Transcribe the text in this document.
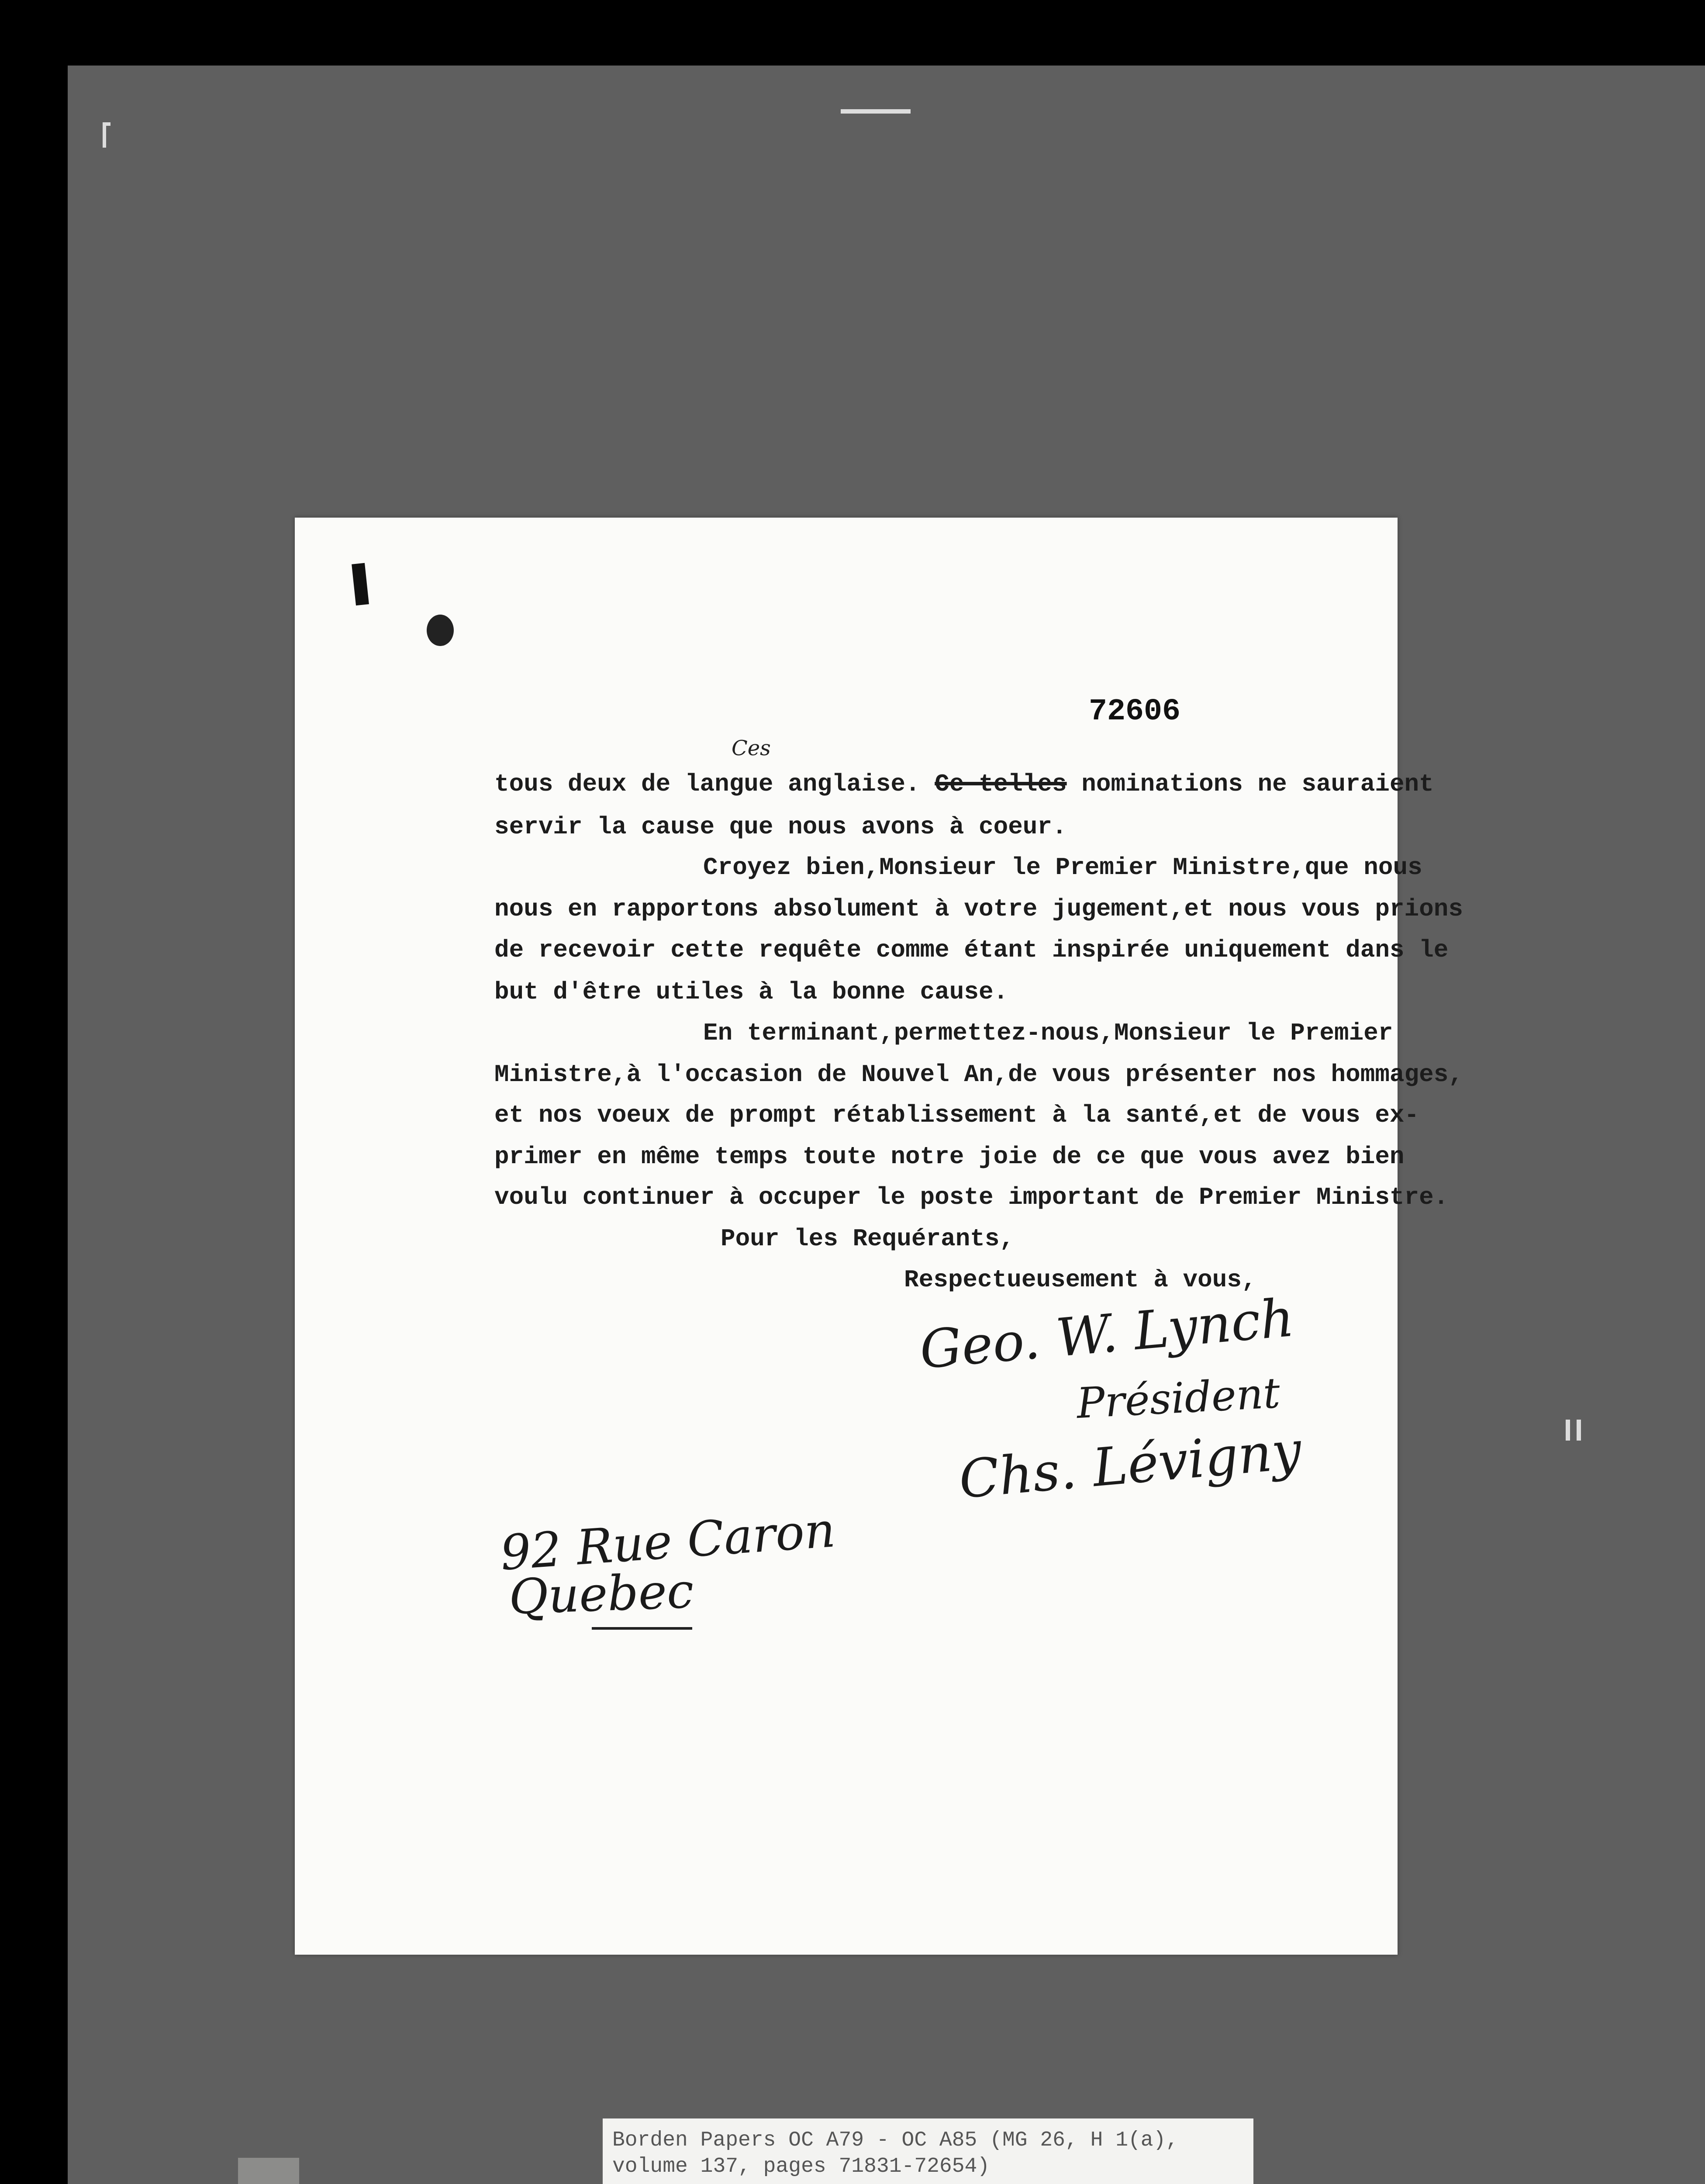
72606
tous deux de langue anglaise. Ce telles nominations ne sauraient
Ces
servir la cause que nous avons à coeur.
Croyez bien,Monsieur le Premier Ministre,que nous
nous en rapportons absolument à votre jugement,et nous vous prions
de recevoir cette requête comme étant inspirée uniquement dans le
but d'être utiles à la bonne cause.
En terminant,permettez-nous,Monsieur le Premier
Ministre,à l'occasion de Nouvel An,de vous présenter nos hommages,
et nos voeux de prompt rétablissement à la santé,et de vous ex-
primer en même temps toute notre joie de ce que vous avez bien
voulu continuer à occuper le poste important de Premier Ministre.
Pour les Requérants,
Respectueusement à vous,
Geo. W. Lynch
Président
Chs. Lévigny
92 Rue Caron
Quebec
Borden Papers OC A79 - OC A85 (MG 26, H 1(a),
volume 137, pages 71831-72654)
